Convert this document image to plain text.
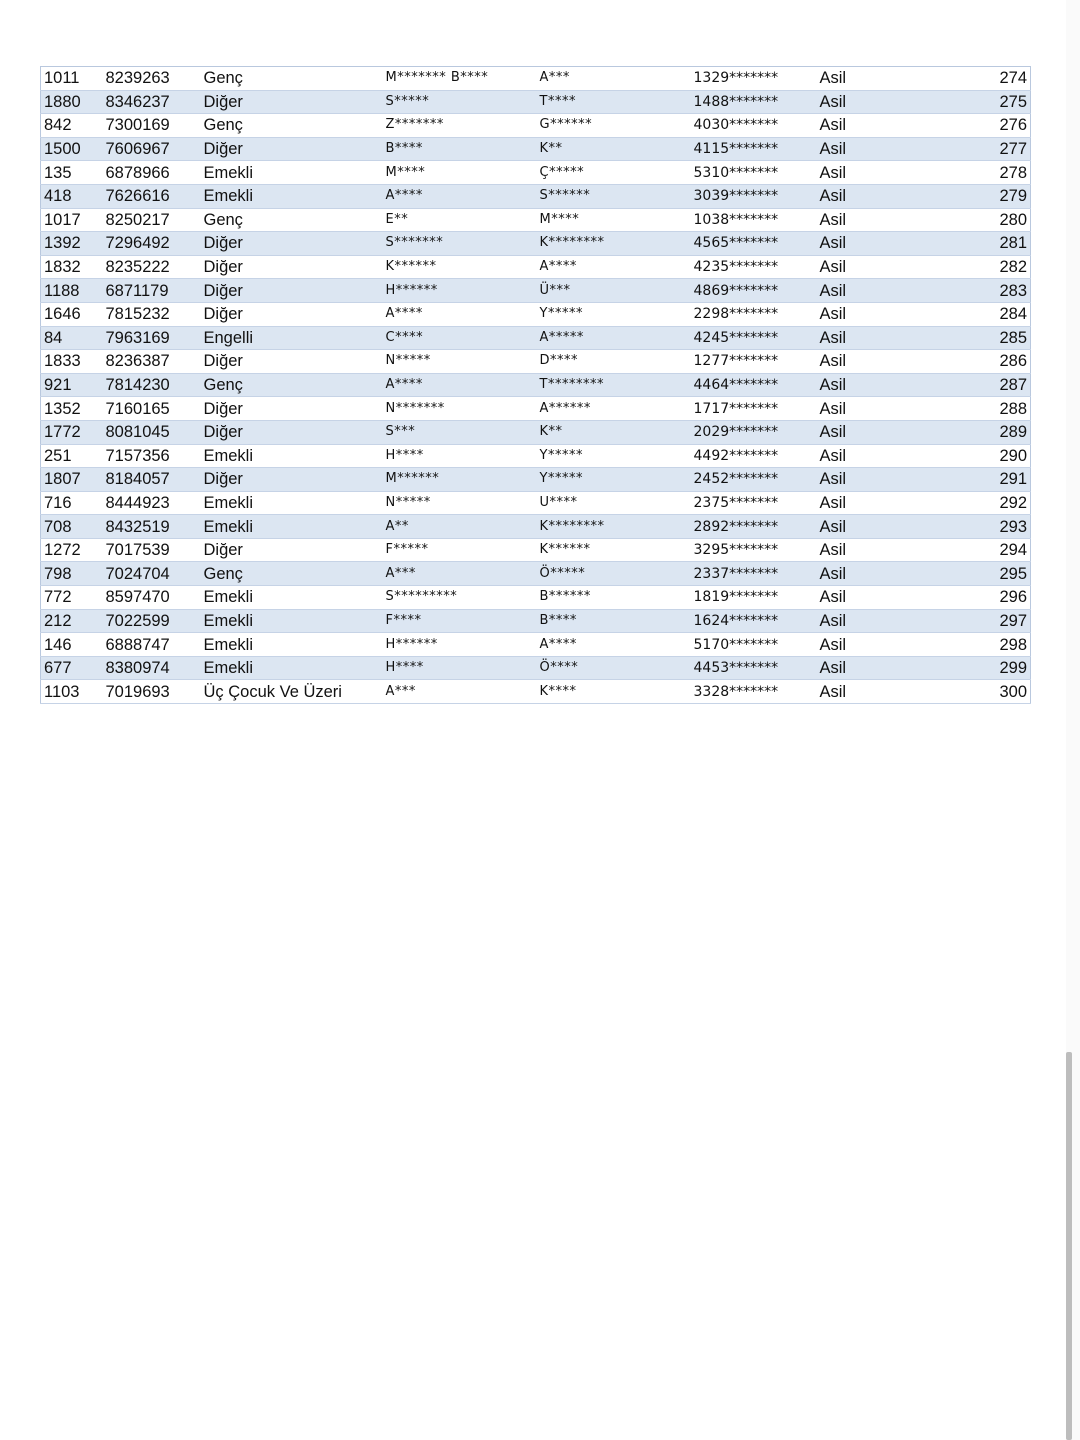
1011	8239263	Genç	M******* B****	A***	1329*******	Asil	274
1880	8346237	Diğer	S*****	T****	1488*******	Asil	275
842	7300169	Genç	Z*******	G******	4030*******	Asil	276
1500	7606967	Diğer	B****	K**	4115*******	Asil	277
135	6878966	Emekli	M****	Ç*****	5310*******	Asil	278
418	7626616	Emekli	A****	S******	3039*******	Asil	279
1017	8250217	Genç	E**	M****	1038*******	Asil	280
1392	7296492	Diğer	S*******	K********	4565*******	Asil	281
1832	8235222	Diğer	K******	A****	4235*******	Asil	282
1188	6871179	Diğer	H******	Ü***	4869*******	Asil	283
1646	7815232	Diğer	A****	Y*****	2298*******	Asil	284
84	7963169	Engelli	C****	A*****	4245*******	Asil	285
1833	8236387	Diğer	N*****	D****	1277*******	Asil	286
921	7814230	Genç	A****	T********	4464*******	Asil	287
1352	7160165	Diğer	N*******	A******	1717*******	Asil	288
1772	8081045	Diğer	S***	K**	2029*******	Asil	289
251	7157356	Emekli	H****	Y*****	4492*******	Asil	290
1807	8184057	Diğer	M******	Y*****	2452*******	Asil	291
716	8444923	Emekli	N*****	U****	2375*******	Asil	292
708	8432519	Emekli	A**	K********	2892*******	Asil	293
1272	7017539	Diğer	F*****	K******	3295*******	Asil	294
798	7024704	Genç	A***	Ö*****	2337*******	Asil	295
772	8597470	Emekli	S*********	B******	1819*******	Asil	296
212	7022599	Emekli	F****	B****	1624*******	Asil	297
146	6888747	Emekli	H******	A****	5170*******	Asil	298
677	8380974	Emekli	H****	Ö****	4453*******	Asil	299
1103	7019693	Üç Çocuk Ve Üzeri	A***	K****	3328*******	Asil	300
